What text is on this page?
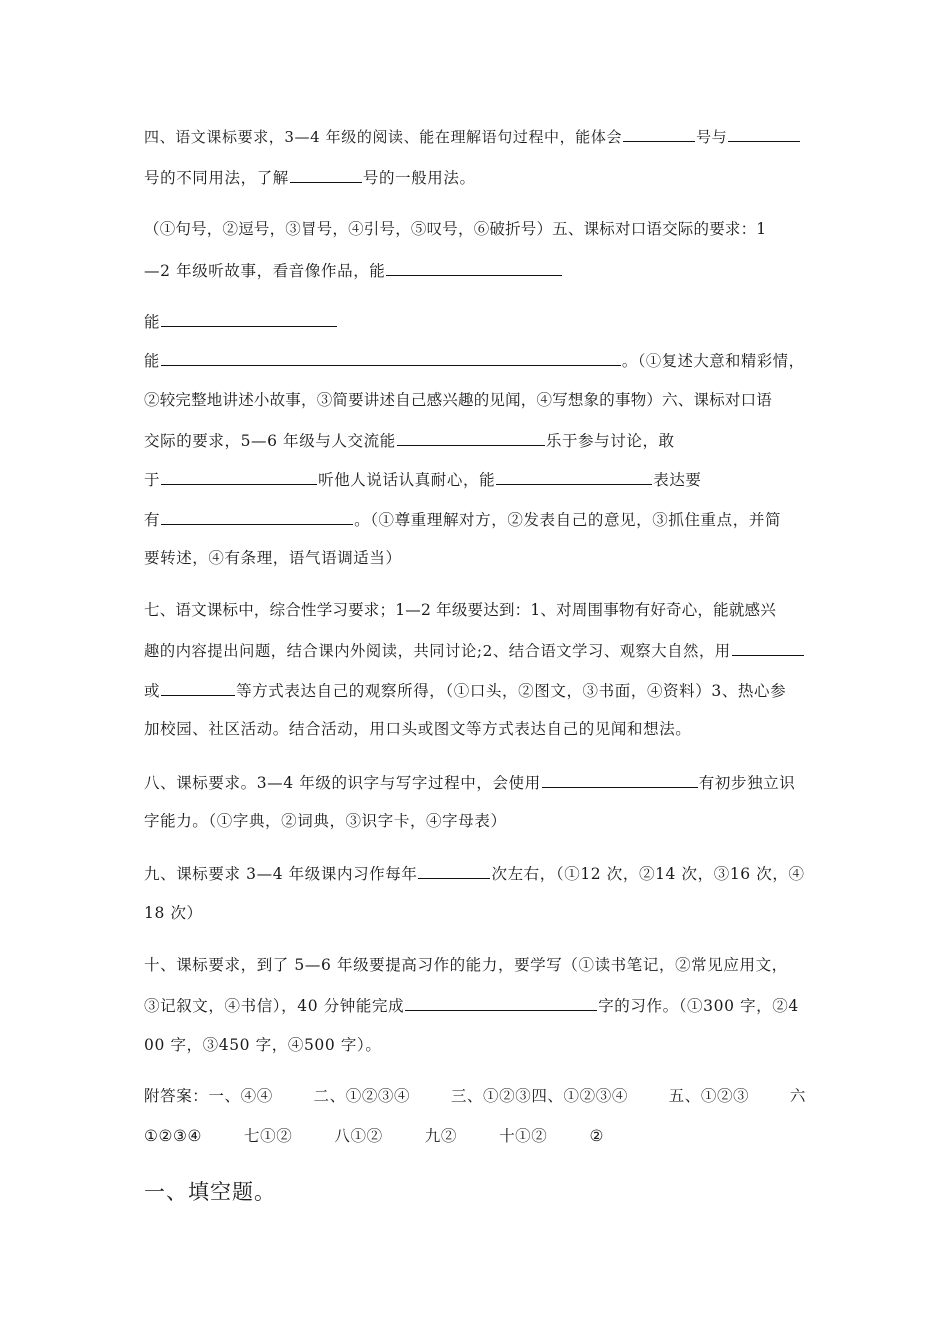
四、语文课标要求，3—4 年级的阅读、能在理解语句过程中，能体会	号与
号的不同用法，了解	号的一般用法。
（①句号，②逗号，③冒号，④引号，⑤叹号，⑥破折号）五、课标对口语交际的要求：1
—2 年级听故事，看音像作品，能
能
能	。（①复述大意和精彩情，
②较完整地讲述小故事，③简要讲述自己感兴趣的见闻，④写想象的事物）六、课标对口语
交际的要求，5—6 年级与人交流能	乐于参与讨论，敢
于	听他人说话认真耐心，能	表达要
有	。（①尊重理解对方，②发表自己的意见，③抓住重点，并简
要转述，④有条理，语气语调适当）
七、语文课标中，综合性学习要求；1—2 年级要达到：1、对周围事物有好奇心，能就感兴
趣的内容提出问题，结合课内外阅读，共同讨论;2、结合语文学习、观察大自然，用
或	等方式表达自己的观察所得，（①口头，②图文，③书面，④资料）3、热心参
加校园、社区活动。结合活动，用口头或图文等方式表达自己的见闻和想法。
八、课标要求。3—4 年级的识字与写字过程中，会使用	有初步独立识
字能力。（①字典，②词典，③识字卡，④字母表）
九、课标要求 3—4 年级课内习作每年	次左右，（①12 次，②14 次，③16 次，④
18 次）
十、课标要求，到了 5—6 年级要提高习作的能力，要学写（①读书笔记，②常见应用文，
③记叙文，④书信），40 分钟能完成	字的习作。（①300 字，②4
00 字，③450 字，④500 字）。
附答案：一、④④	二、①②③④	三、①②③四、①②③④	五、①②③	六
①②③④	七①②	八①②	九②	十①②	②
一、填空题。
